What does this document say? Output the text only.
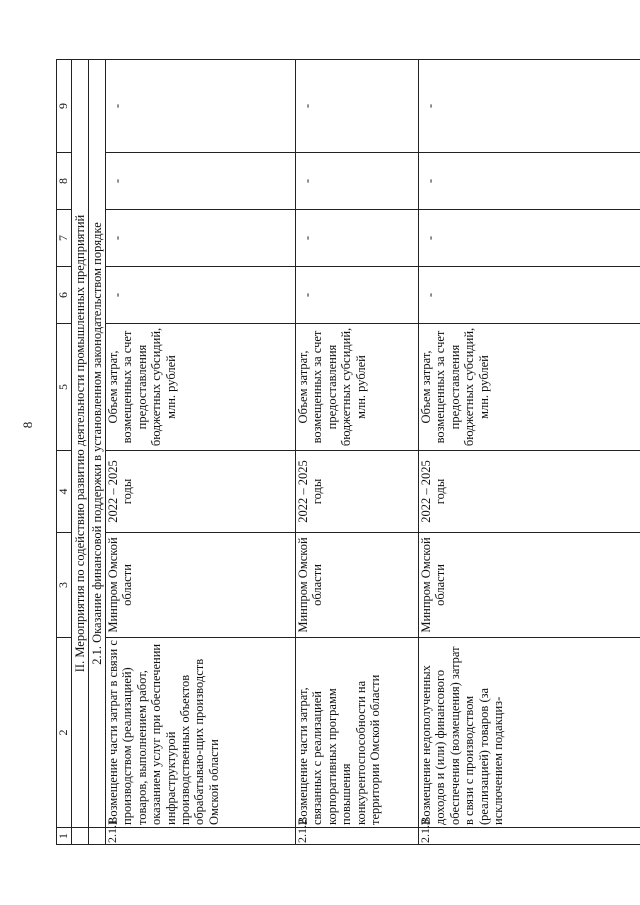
8
1	2	3	4	5	6	7	8	9
	II. Мероприятия по содействию развитию деятельности промышленных предприятий							
	2.1. Оказание финансовой поддержки в установленном законодательством порядке							
2.1.1	Возмещение части затрат в связи с производством (реализацией) товаров, выполнением работ, оказанием услуг при обеспечении инфраструктурой производственных объектов обрабатываю-щих производств Омской области	Минпром Омской области	2022 – 2025 годы	Объем затрат, возмещенных за счет предоставления бюджетных субсидий, млн. рублей	-	-	-	-
2.1.2	Возмещение части затрат, связанных с реализацией корпоративных программ повышения конкурентоспособности на территории Омской области	Минпром Омской области	2022 – 2025 годы	Объем затрат, возмещенных за счет предоставления бюджетных субсидий, млн. рублей	-	-	-	-
2.1.3	Возмещение недополученных доходов и (или) финансового обеспечения (возмещения) затрат в связи с производством (реализацией) товаров (за исключением подакциз-	Минпром Омской области	2022 – 2025 годы	Объем затрат, возмещенных за счет предоставления бюджетных субсидий, млн. рублей	-	-	-	-
